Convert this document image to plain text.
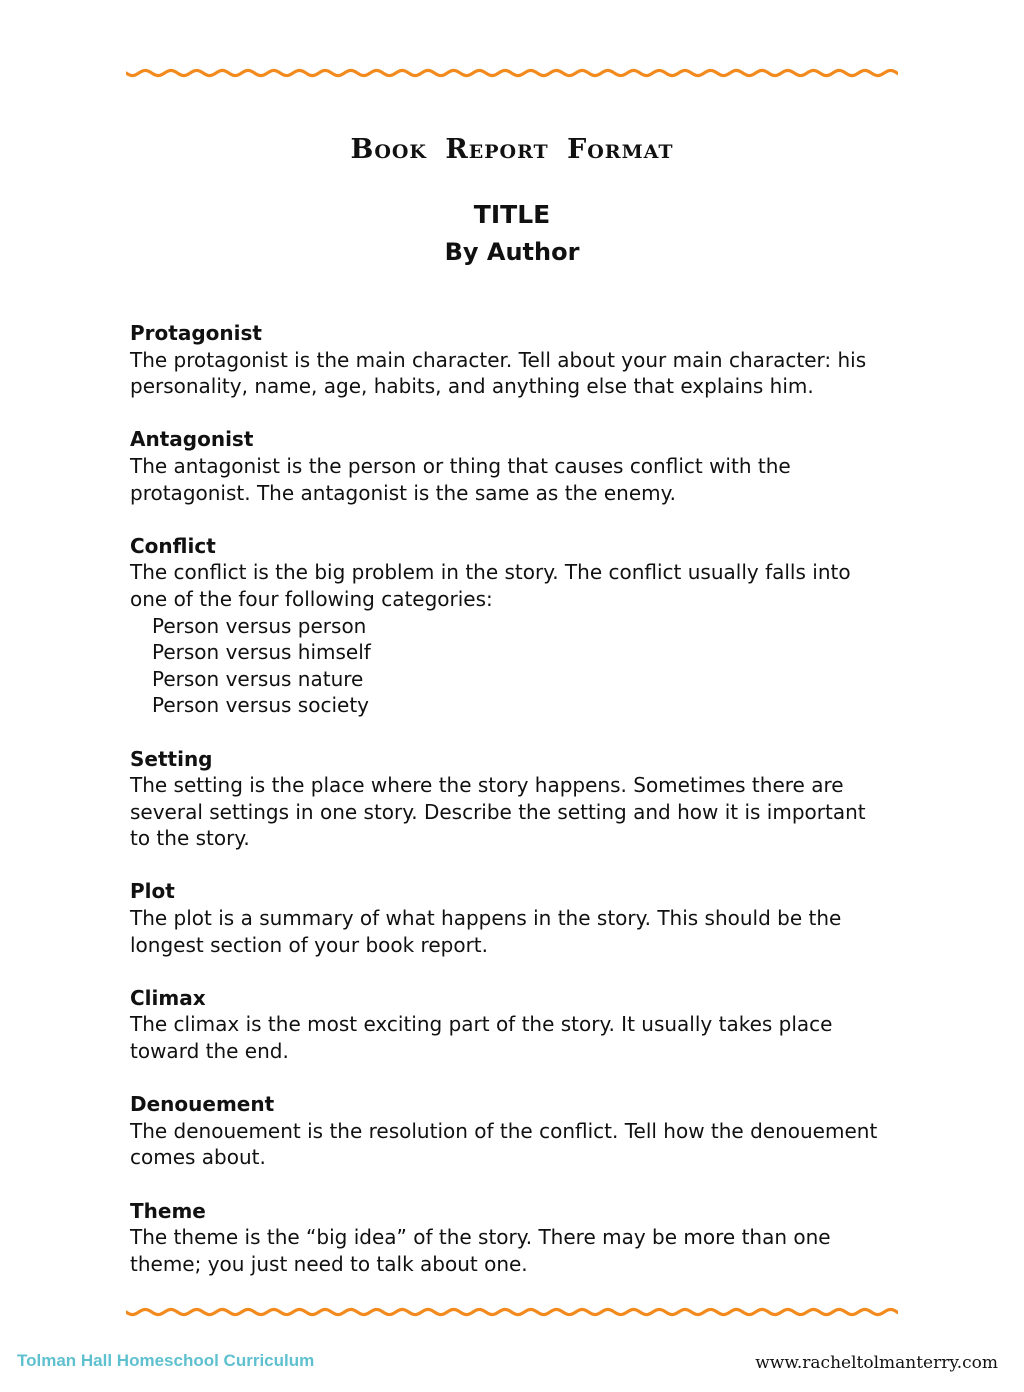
Book Report Format
TITLE
By Author
Protagonist

The protagonist is the main character. Tell about your main character: his personality, name, age, habits, and anything else that explains him.

Antagonist

The antagonist is the person or thing that causes conflict with the protagonist. The antagonist is the same as the enemy.

Conflict

The conflict is the big problem in the story. The conflict usually falls into one of the four following categories:

Person versus person
Person versus himself
Person versus nature
Person versus society
Setting

The setting is the place where the story happens. Sometimes there are several settings in one story. Describe the setting and how it is important to the story.

Plot

The plot is a summary of what happens in the story. This should be the longest section of your book report.

Climax

The climax is the most exciting part of the story. It usually takes place toward the end.

Denouement

The denouement is the resolution of the conflict. Tell how the denouement comes about.

Theme

The theme is the “big idea” of the story. There may be more than one theme; you just need to talk about one.

Tolman Hall Homeschool Curriculum	www.racheltolmanterry.com
